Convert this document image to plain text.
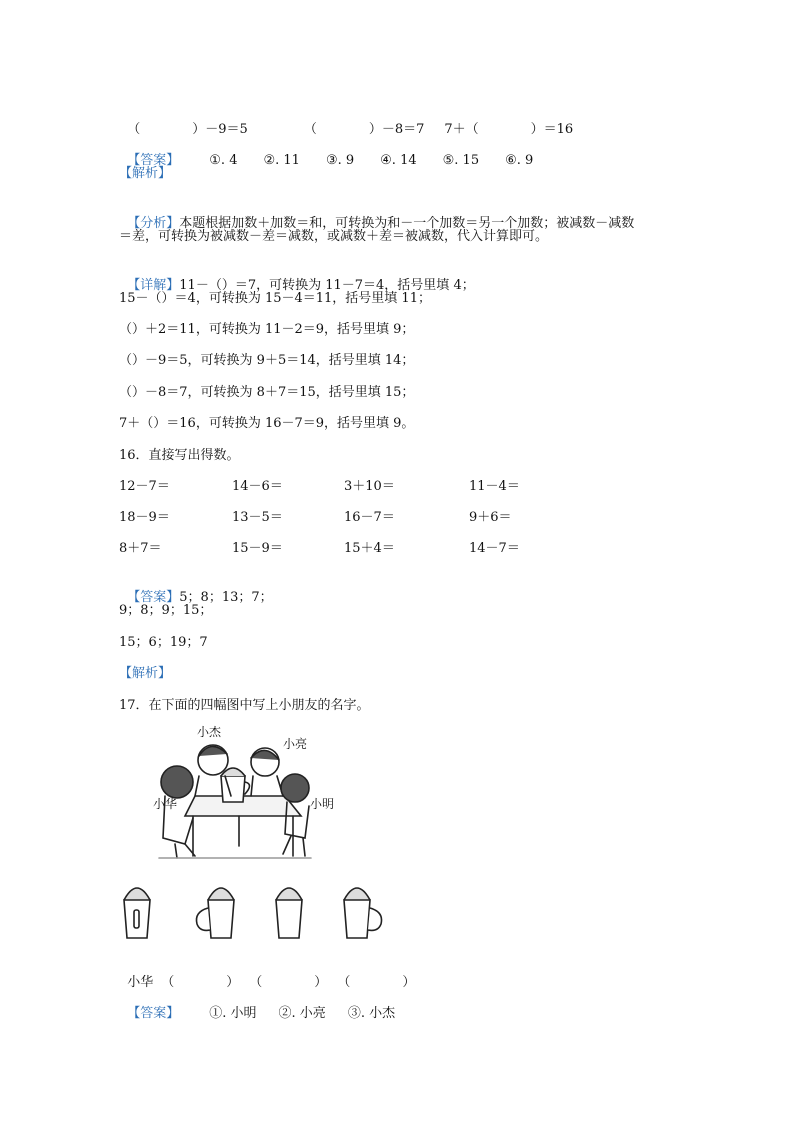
（　　　　）－9＝5	（　　　　）－8＝7 7＋（　　　　）＝16

【答案】 ①. 4 ②. 11 ③. 9 ④. 14 ⑤. 15 ⑥. 9

【解析】

【分析】本题根据加数＋加数＝和，可转换为和－一个加数＝另一个加数；被减数－减数

＝差，可转换为被减数－差＝减数，或减数＋差＝被减数，代入计算即可。

【详解】11－（）＝7，可转换为 11－7＝4，括号里填 4；

15－（）＝4，可转换为 15－4＝11，括号里填 11；
（）＋2＝11，可转换为 11－2＝9，括号里填 9；
（）－9＝5，可转换为 9＋5＝14，括号里填 14；
（）－8＝7，可转换为 8＋7＝15，括号里填 15；
7＋（）＝16，可转换为 16－7＝9，括号里填 9。
16．直接写出得数。
12－7＝	14－6＝	3＋10＝	11－4＝
18－9＝	13－5＝	16－7＝	9＋6＝
8＋7＝	15－9＝	15＋4＝	14－7＝

【答案】5；8；13；7；

9；8；9；15；
15；6；19；7
【解析】
17．在下面的四幅图中写上小朋友的名字。
小杰
小亮
小华	小明

小华 （　　　　） （　　　　） （　　　　）

【答案】 ①. 小明 ②. 小亮 ③. 小杰
